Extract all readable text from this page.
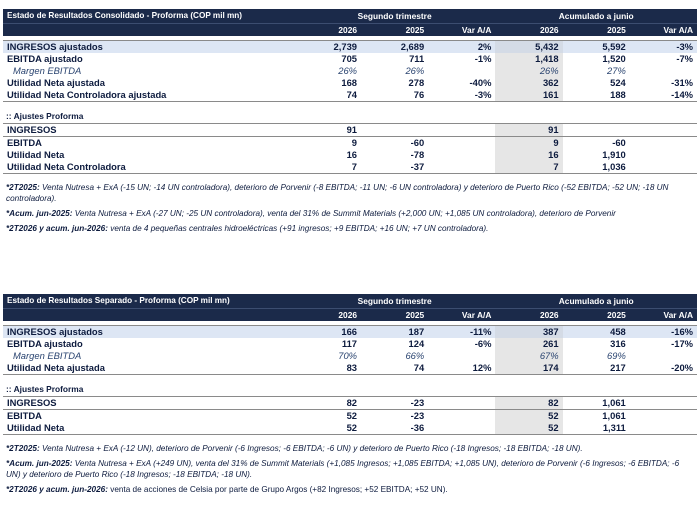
Estado de Resultados Consolidado - Proforma (COP mil mn)	Segundo trimestre			Acumulado a junio		
	2026	2025	Var A/A	2026	2025	Var A/A

INGRESOS ajustados	2,739	2,689	2%	5,432	5,592	-3%
EBITDA ajustado	705	711	-1%	1,418	1,520	-7%
Margen EBITDA	26%	26%		26%	27%	
Utilidad Neta ajustada	168	278	-40%	362	524	-31%
Utilidad Neta Controladora ajustada	74	76	-3%	161	188	-14%
:: Ajustes Proforma
INGRESOS	91			91		
EBITDA	9	-60		9	-60	
Utilidad Neta	16	-78		16	1,910	
Utilidad Neta Controladora	7	-37		7	1,036	
*2T2025: Venta Nutresa + ExA (-15 UN; -14 UN controladora), deterioro de Porvenir (-8 EBITDA; -11 UN; -6 UN controladora) y deterioro de Puerto Rico (-52 EBITDA; -52 UN; -18 UN controladora).
*Acum. jun-2025: Venta Nutresa + ExA (-27 UN; -25 UN controladora), venta del 31% de Summit Materials (+2,000 UN; +1,085 UN controladora), deterioro de Porvenir
*2T2026 y acum. jun-2026: venta de 4 pequeñas centrales hidroeléctricas (+91 ingresos; +9 EBITDA; +16 UN; +7 UN controladora).
Estado de Resultados Separado - Proforma (COP mil mn)	Segundo trimestre			Acumulado a junio		
	2026	2025	Var A/A	2026	2025	Var A/A

INGRESOS ajustados	166	187	-11%	387	458	-16%
EBITDA ajustado	117	124	-6%	261	316	-17%
Margen EBITDA	70%	66%		67%	69%	
Utilidad Neta ajustada	83	74	12%	174	217	-20%
:: Ajustes Proforma
INGRESOS	82	-23		82	1,061	
EBITDA	52	-23		52	1,061	
Utilidad Neta	52	-36		52	1,311	
*2T2025: Venta Nutresa + ExA (-12 UN), deterioro de Porvenir (-6 Ingresos; -6 EBITDA; -6 UN) y deterioro de Puerto Rico (-18 Ingresos; -18 EBITDA; -18 UN).
*Acum. jun-2025: Venta Nutresa + ExA (+249 UN), venta del 31% de Summit Materials (+1,085 Ingresos; +1,085 EBITDA; +1,085 UN), deterioro de Porvenir (-6 Ingresos; -6 EBITDA; -6 UN) y deterioro de Puerto Rico (-18 Ingresos; -18 EBITDA; -18 UN).
*2T2026 y acum. jun-2026: venta de acciones de Celsia por parte de Grupo Argos (+82 Ingresos; +52 EBITDA; +52 UN).
